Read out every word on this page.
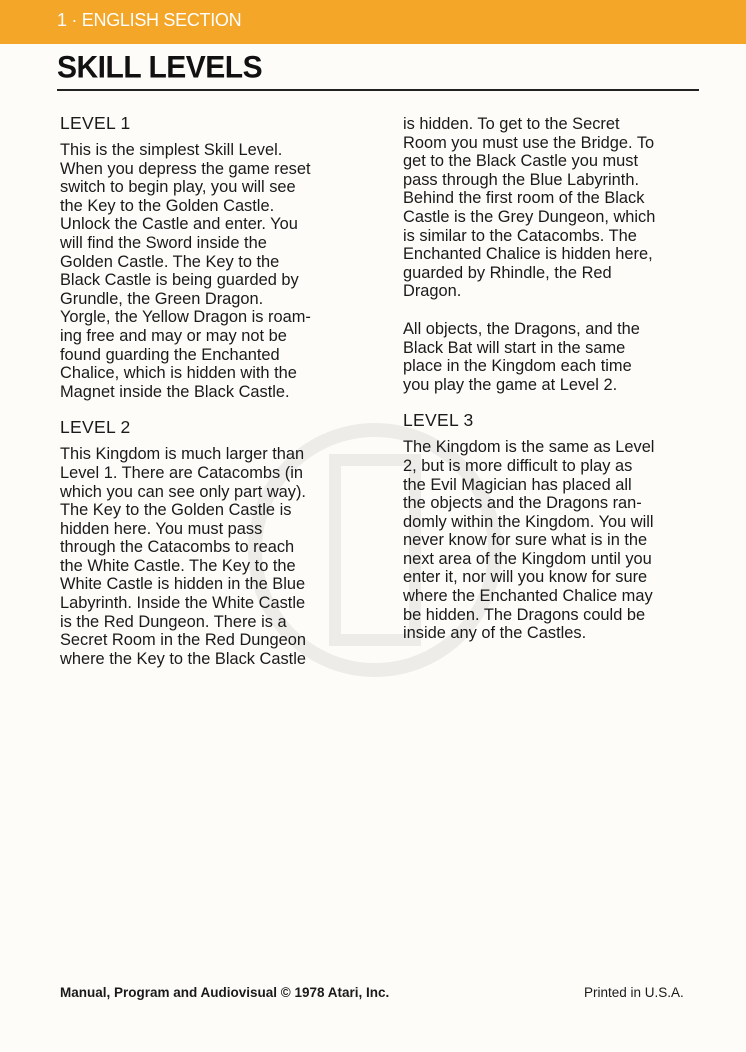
1 · ENGLISH SECTION
SKILL LEVELS
LEVEL 1

This is the simplest Skill Level.
When you depress the game reset
switch to begin play, you will see
the Key to the Golden Castle.
Unlock the Castle and enter. You
will find the Sword inside the
Golden Castle. The Key to the
Black Castle is being guarded by
Grundle, the Green Dragon.
Yorgle, the Yellow Dragon is roam-
ing free and may or may not be
found guarding the Enchanted
Chalice, which is hidden with the
Magnet inside the Black Castle.

LEVEL 2

This Kingdom is much larger than
Level 1. There are Catacombs (in
which you can see only part way).
The Key to the Golden Castle is
hidden here. You must pass
through the Catacombs to reach
the White Castle. The Key to the
White Castle is hidden in the Blue
Labyrinth. Inside the White Castle
is the Red Dungeon. There is a
Secret Room in the Red Dungeon
where the Key to the Black Castle

is hidden. To get to the Secret
Room you must use the Bridge. To
get to the Black Castle you must
pass through the Blue Labyrinth.
Behind the first room of the Black
Castle is the Grey Dungeon, which
is similar to the Catacombs. The
Enchanted Chalice is hidden here,
guarded by Rhindle, the Red
Dragon.

All objects, the Dragons, and the
Black Bat will start in the same
place in the Kingdom each time
you play the game at Level 2.

LEVEL 3

The Kingdom is the same as Level
2, but is more difficult to play as
the Evil Magician has placed all
the objects and the Dragons ran-
domly within the Kingdom. You will
never know for sure what is in the
next area of the Kingdom until you
enter it, nor will you know for sure
where the Enchanted Chalice may
be hidden. The Dragons could be
inside any of the Castles.

Manual, Program and Audiovisual © 1978 Atari, Inc.	Printed in U.S.A.
